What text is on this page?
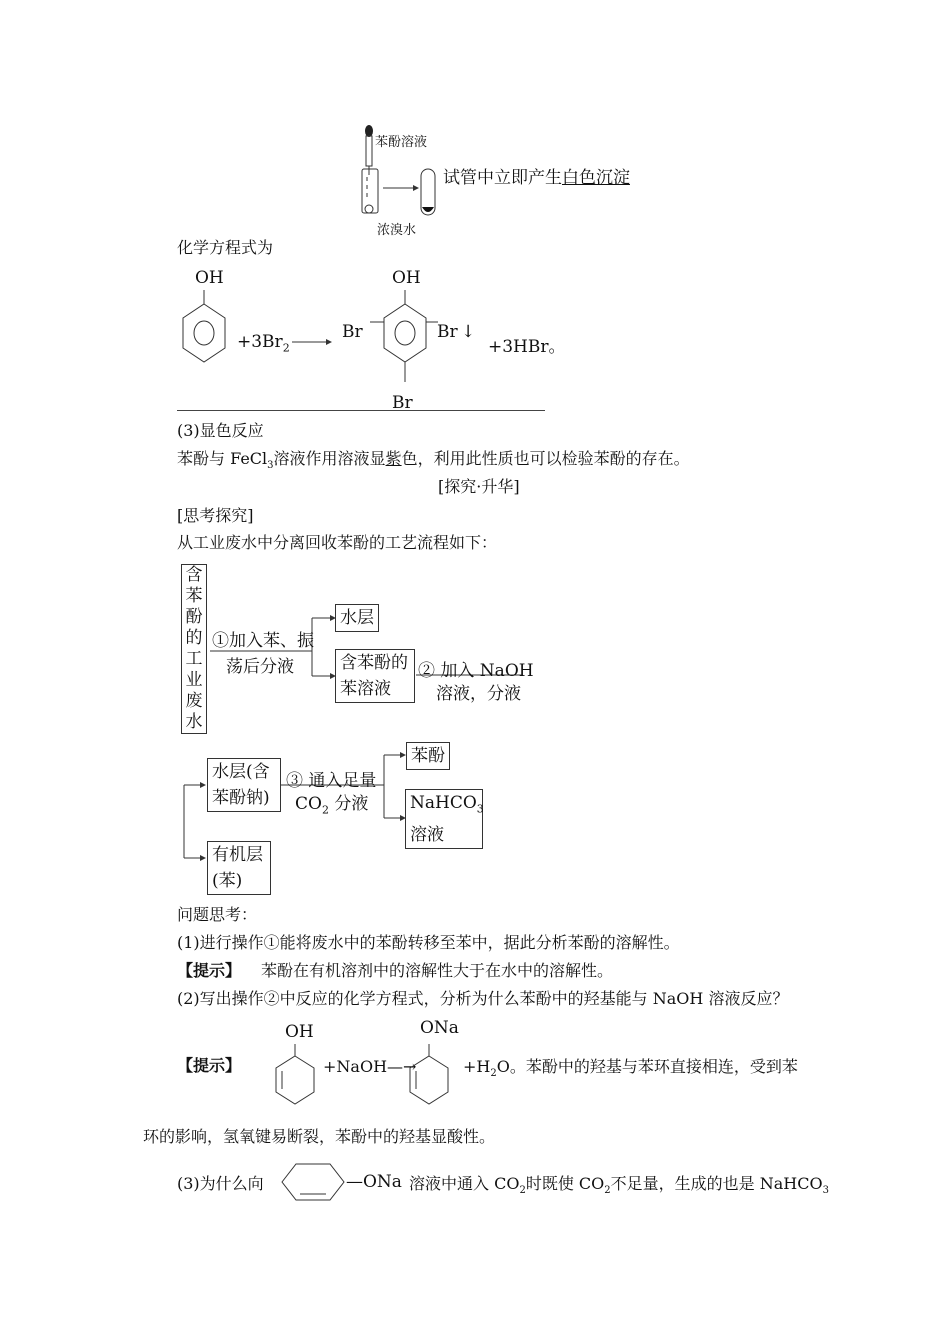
苯酚溶液
浓溴水
试管中立即产生白色沉淀
化学方程式为
OH
$+3Br_2$ →
OH
Br	Br ↓
Br
+3HBr。
(3)显色反应
苯酚与 FeCl$_3$溶液作用溶液显紫色，利用此性质也可以检验苯酚的存在。
[探究·升华]
[思考探究]
从工业废水中分离回收苯酚的工艺流程如下：
含
苯
酚
的
工
业
废
水
①加入苯、振
荡后分液
水层
含苯酚的
苯溶液
② 加入 NaOH
溶液，分液
水层(含
苯酚钠)
③ 通入足量
$CO_2$ 分液
苯酚
NaHCO$_3$
溶液
有机层
(苯)
问题思考：
(1)进行操作①能将废水中的苯酚转移至苯中，据此分析苯酚的溶解性。
【提示】 苯酚在有机溶剂中的溶解性大于在水中的溶解性。
(2)写出操作②中反应的化学方程式，分析为什么苯酚中的羟基能与 NaOH 溶液反应？
【提示】
OH
+NaOH—→
ONa
$+H_2O$。苯酚中的羟基与苯环直接相连，受到苯
环的影响，氢氧键易断裂，苯酚中的羟基显酸性。
(3)为什么向	—ONa 溶液中通入 $CO_2$时既使 $CO_2$不足量，生成的也是 NaHCO$_3$
